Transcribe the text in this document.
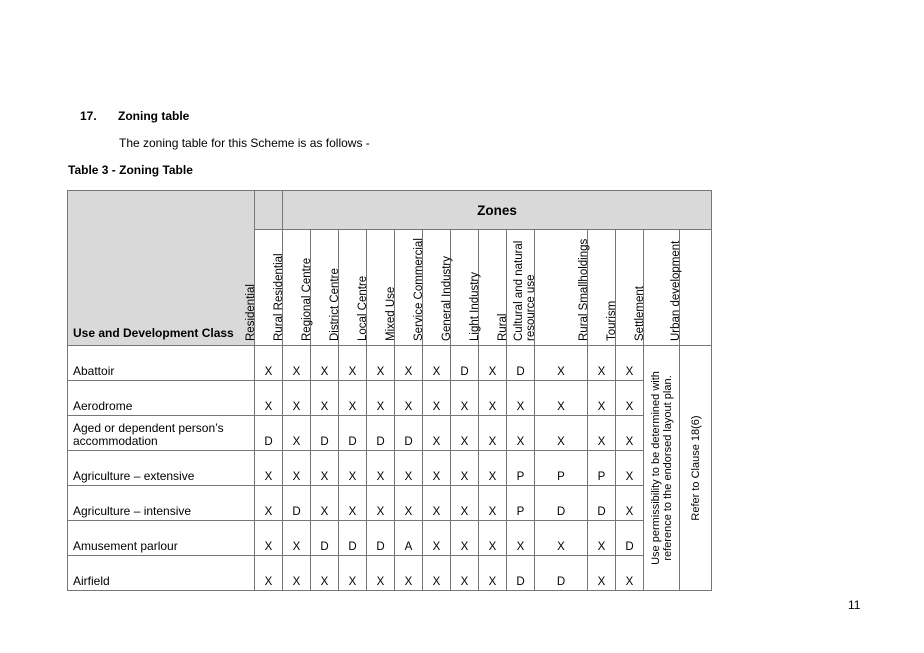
17. Zoning table
The zoning table for this Scheme is as follows -
Table 3 - Zoning Table
Use and Development Class		Zones													

	Residential	Rural Residential	Regional Centre	District Centre	Local Centre	Mixed Use	Service Commercial	General Industry	Light Industry	Rural	Cultural and natural resource use	Rural Smallholdings	Tourism	Settlement	Urban development

Abattoir	X	X	X	X	X	X	X	D	X	D	X	X	X	Use permissibility to be determined with reference to the endorsed layout plan.	Refer to Clause 18(6)

Aerodrome	X	X	X	X	X	X	X	X	X	X	X	X	X		
Aged or dependent person’s accommodation	D	X	D	D	D	D	X	X	X	X	X	X	X		
Agriculture – extensive	X	X	X	X	X	X	X	X	X	P	P	P	X		
Agriculture – intensive	X	D	X	X	X	X	X	X	X	P	D	D	X		
Amusement parlour	X	X	D	D	D	A	X	X	X	X	X	X	D		
Airfield	X	X	X	X	X	X	X	X	X	D	D	X	X		
11
